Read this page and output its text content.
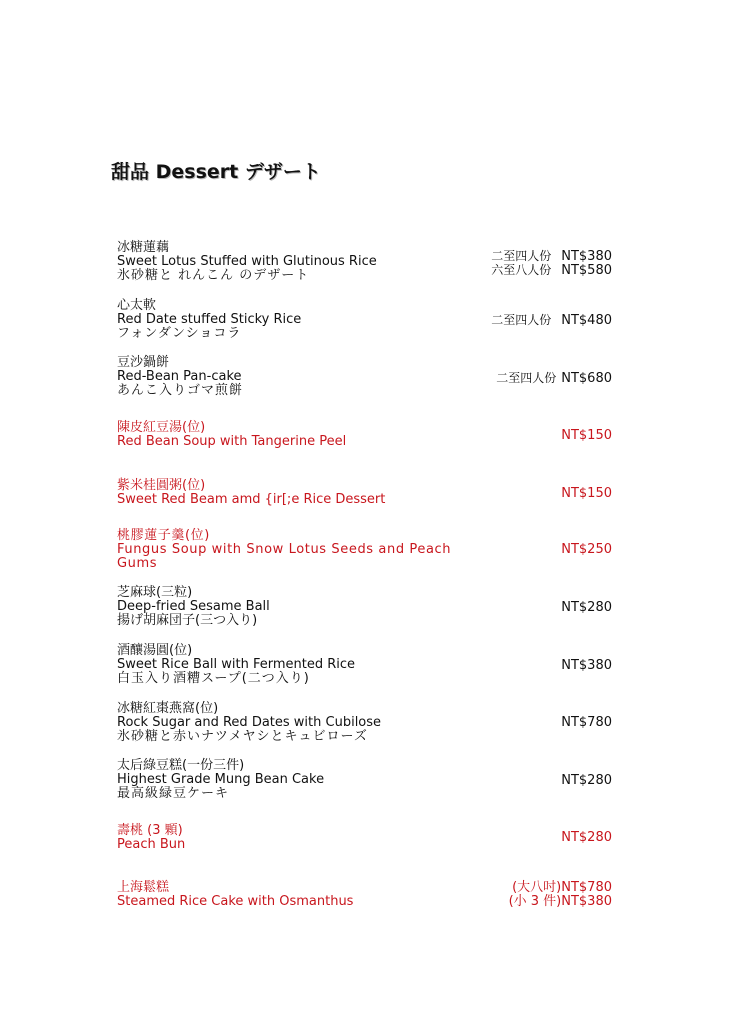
甜品 Dessert デザート
冰糖蓮藕
Sweet Lotus Stuffed with Glutinous Rice
氷砂糖と れんこん のデザート
二至四人份 NT$380
六至八人份 NT$580
心太軟
Red Date stuffed Sticky Rice
フォンダンショコラ
二至四人份 NT$480
豆沙鍋餅
Red-Bean Pan-cake
あんこ入りゴマ煎餅
二至四人份 NT$680
陳皮紅豆湯(位)
Red Bean Soup with Tangerine Peel	NT$150
紫米桂圓粥(位)
Sweet Red Beam amd {ir[;e Rice Dessert	NT$150
桃膠蓮子羹(位)
Fungus Soup with Snow Lotus Seeds and Peach Gums
NT$250
芝麻球(三粒)
Deep-fried Sesame Ball
揚げ胡麻団子(三つ入り)
NT$280
酒釀湯圓(位)
Sweet Rice Ball with Fermented Rice
白玉入り酒糟スープ(二つ入り)
NT$380
冰糖紅棗燕窩(位)
Rock Sugar and Red Dates with Cubilose
氷砂糖と赤いナツメヤシとキュビローズ
NT$780
太后綠豆糕(一份三件)
Highest Grade Mung Bean Cake
最高級緑豆ケーキ
NT$280
壽桃 (3 顆)
Peach Bun	NT$280
上海鬆糕
Steamed Rice Cake with Osmanthus
(大八吋)NT$780
(小 3 件)NT$380
